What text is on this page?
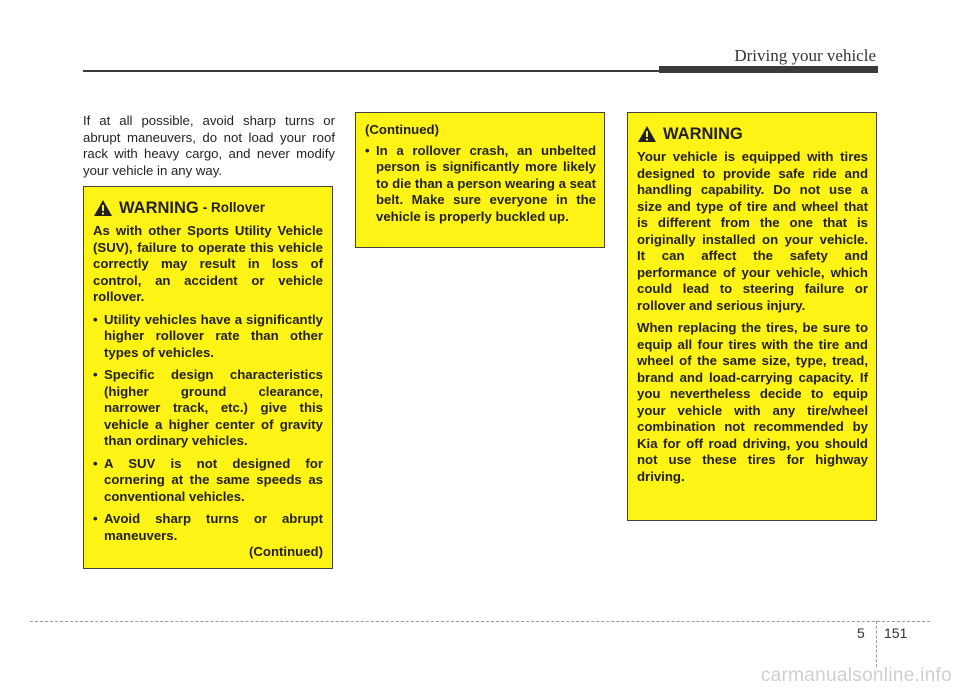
Driving your vehicle
If at all possible, avoid sharp turns or abrupt maneuvers, do not load your roof rack with heavy cargo, and never modify your vehicle in any way.
WARNING - Rollover

As with other Sports Utility Vehicle (SUV), failure to operate this vehicle correctly may result in loss of control, an accident or vehicle rollover.

• Utility vehicles have a significantly higher rollover rate than other types of vehicles.
• Specific design characteristics (higher ground clearance, narrower track, etc.) give this vehicle a higher center of gravity than ordinary vehicles.
• A SUV is not designed for cornering at the same speeds as conventional vehicles.
• Avoid sharp turns or abrupt maneuvers.
(Continued)
(Continued)
• In a rollover crash, an unbelted person is significantly more likely to die than a person wearing a seat belt. Make sure everyone in the vehicle is properly buckled up.
WARNING

Your vehicle is equipped with tires designed to provide safe ride and handling capability. Do not use a size and type of tire and wheel that is different from the one that is originally installed on your vehicle. It can affect the safety and performance of your vehicle, which could lead to steering failure or rollover and serious injury.

When replacing the tires, be sure to equip all four tires with the tire and wheel of the same size, type, tread, brand and load-carrying capacity. If you nevertheless decide to equip your vehicle with any tire/wheel combination not recommended by Kia for off road driving, you should not use these tires for highway driving.

5 151
carmanualsonline.info
